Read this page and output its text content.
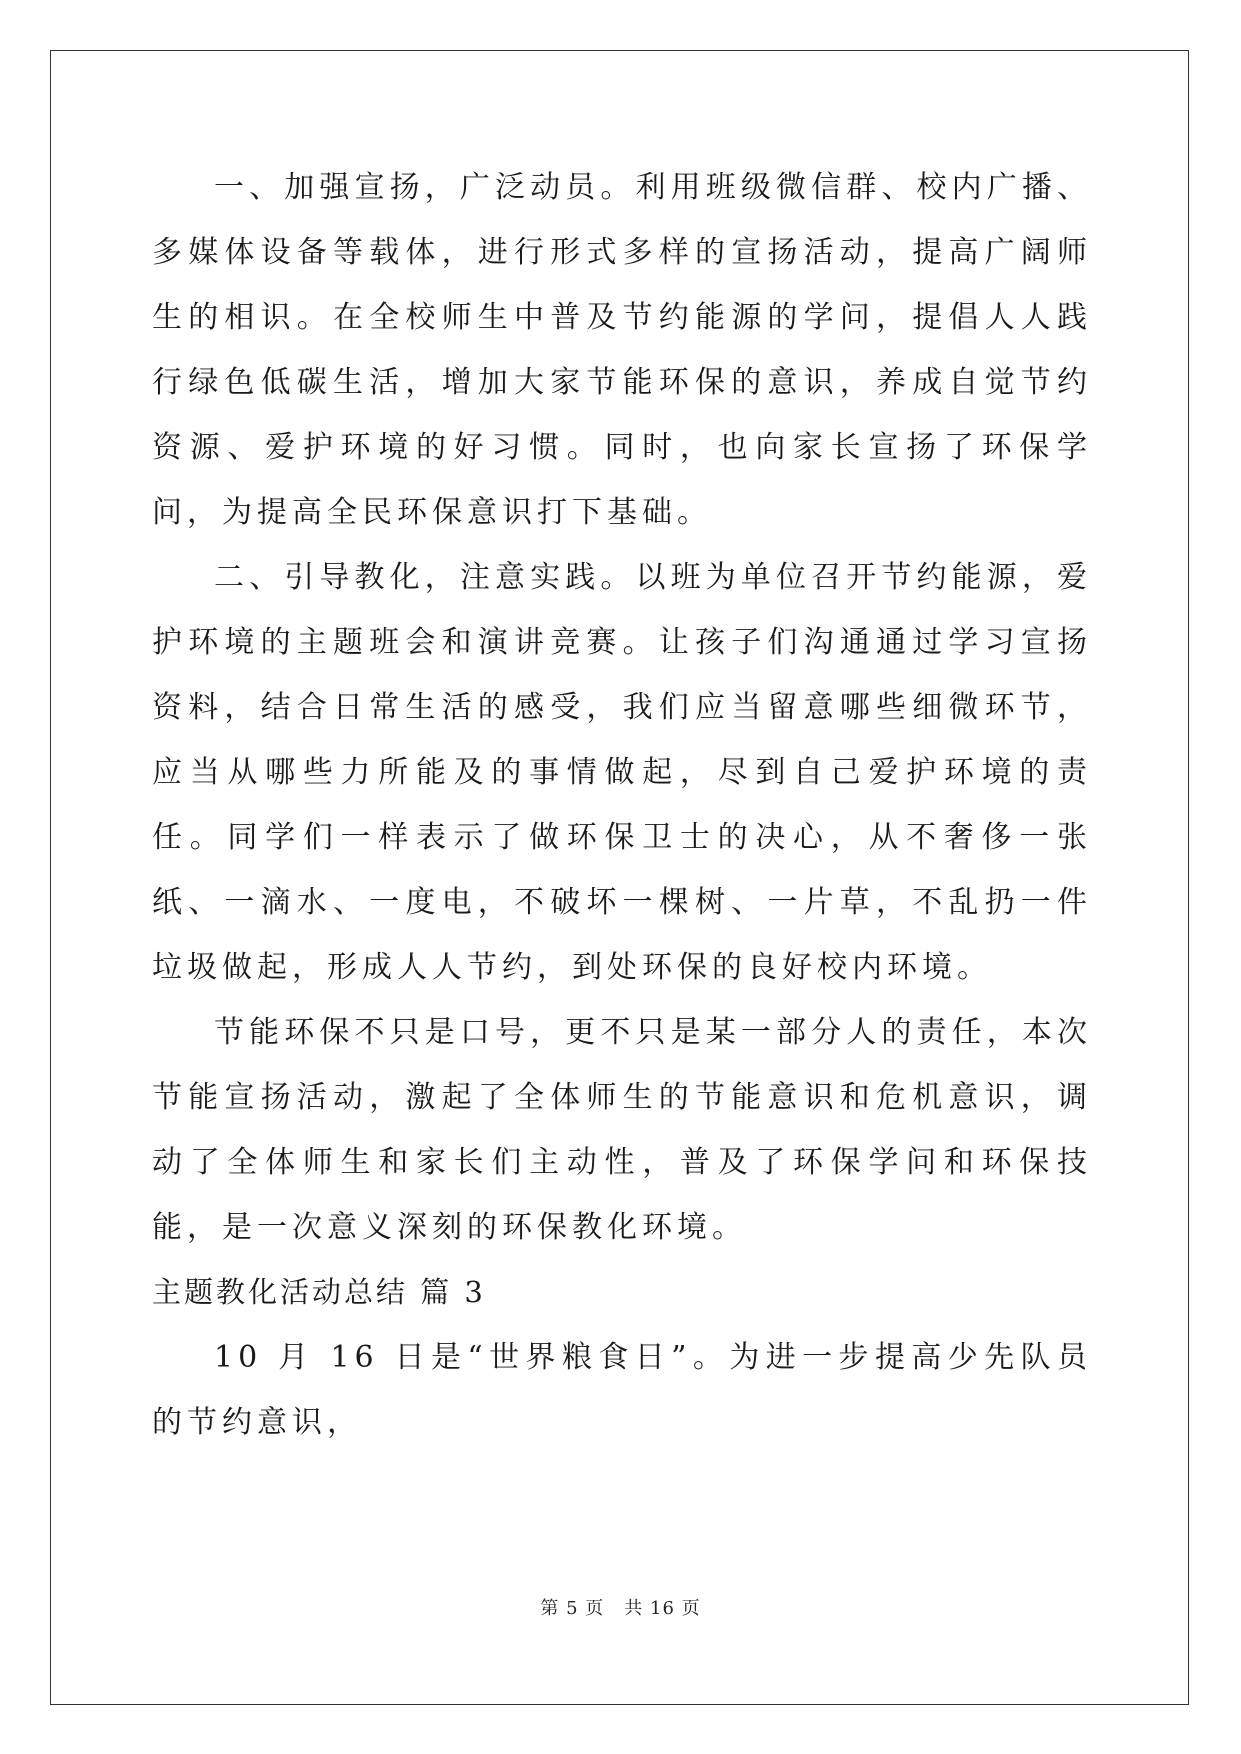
一、加强宣扬，广泛动员。利用班级微信群、校内广播、多媒体设备等载体，进行形式多样的宣扬活动，提高广阔师生的相识。在全校师生中普及节约能源的学问，提倡人人践行绿色低碳生活，增加大家节能环保的意识，养成自觉节约资源、爱护环境的好习惯。同时，也向家长宣扬了环保学问，为提高全民环保意识打下基础。

二、引导教化，注意实践。以班为单位召开节约能源，爱护环境的主题班会和演讲竞赛。让孩子们沟通通过学习宣扬资料，结合日常生活的感受，我们应当留意哪些细微环节，应当从哪些力所能及的事情做起，尽到自己爱护环境的责任。同学们一样表示了做环保卫士的决心，从不奢侈一张纸、一滴水、一度电，不破坏一棵树、一片草，不乱扔一件垃圾做起，形成人人节约，到处环保的良好校内环境。

节能环保不只是口号，更不只是某一部分人的责任，本次节能宣扬活动，激起了全体师生的节能意识和危机意识，调动了全体师生和家长们主动性，普及了环保学问和环保技能，是一次意义深刻的环保教化环境。

主题教化活动总结 篇 3

10 月 16 日是“世界粮食日”。为进一步提高少先队员的节约意识，

第 5 页 共 16 页
